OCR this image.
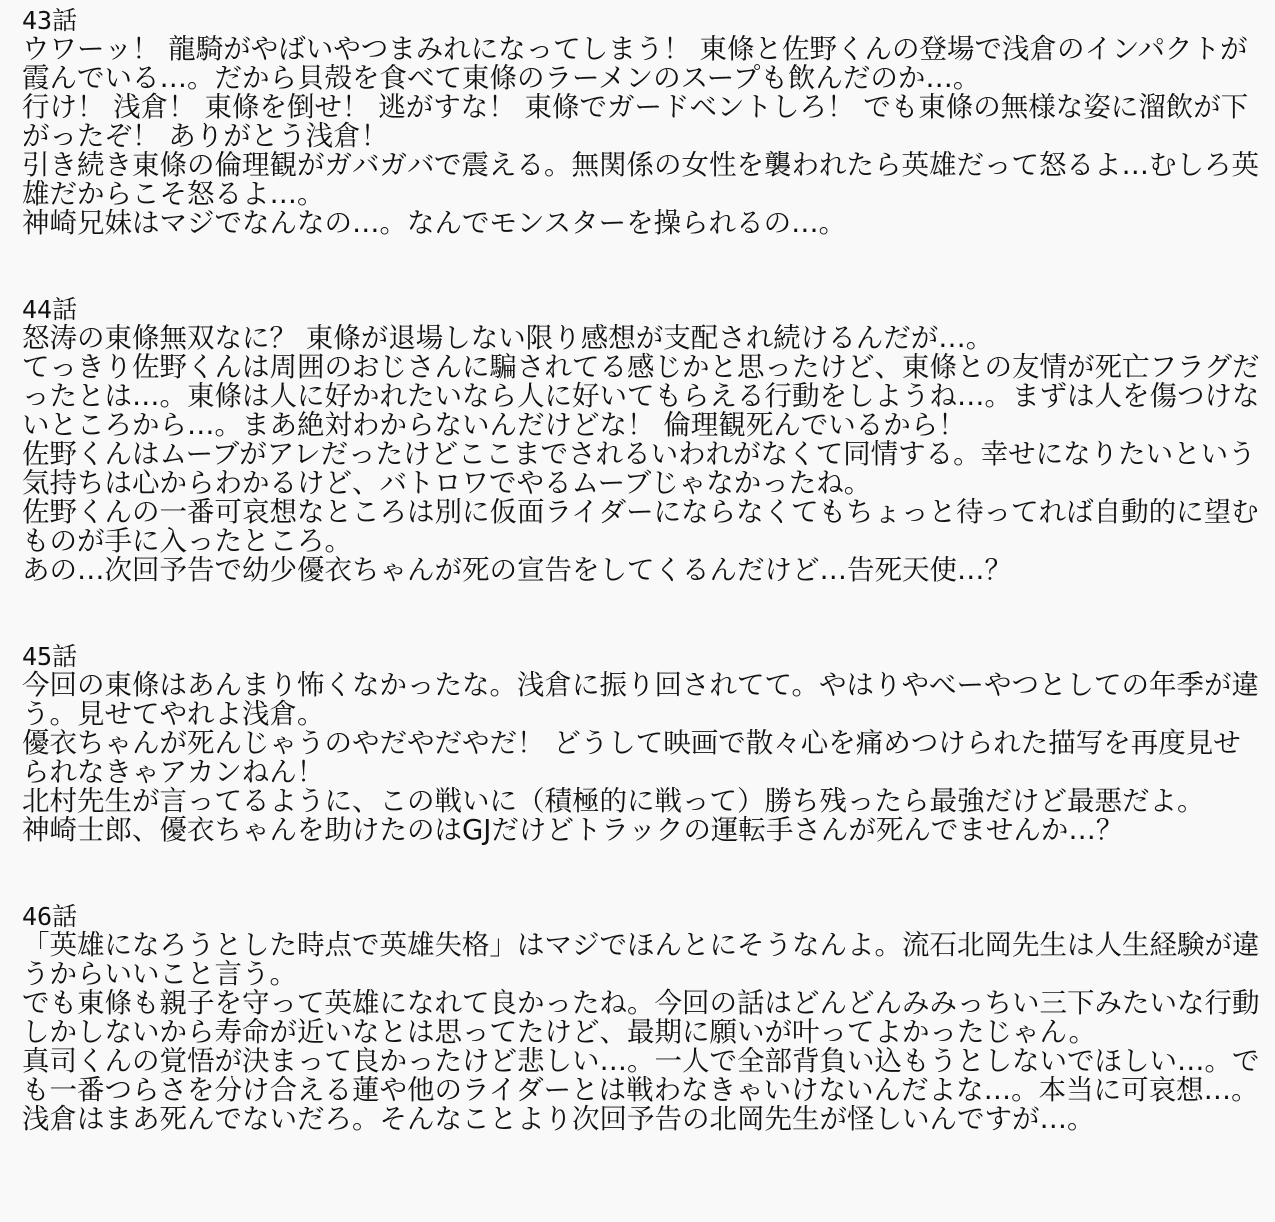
43話

ウワーッ！ 龍騎がやばいやつまみれになってしまう！ 東條と佐野くんの登場で浅倉のインパクトが霞んでいる…。だから貝殻を食べて東條のラーメンのスープも飲んだのか…。

行け！ 浅倉！ 東條を倒せ！ 逃がすな！ 東條でガードベントしろ！ でも東條の無様な姿に溜飲が下がったぞ！ ありがとう浅倉！

引き続き東條の倫理観がガバガバで震える。無関係の女性を襲われたら英雄だって怒るよ…むしろ英雄だからこそ怒るよ…。

神崎兄妹はマジでなんなの…。なんでモンスターを操られるの…。

44話

怒涛の東條無双なに？ 東條が退場しない限り感想が支配され続けるんだが…。

てっきり佐野くんは周囲のおじさんに騙されてる感じかと思ったけど、東條との友情が死亡フラグだったとは…。東條は人に好かれたいなら人に好いてもらえる行動をしようね…。まずは人を傷つけないところから…。まあ絶対わからないんだけどな！ 倫理観死んでいるから！

佐野くんはムーブがアレだったけどここまでされるいわれがなくて同情する。幸せになりたいという気持ちは心からわかるけど、バトロワでやるムーブじゃなかったね。

佐野くんの一番可哀想なところは別に仮面ライダーにならなくてもちょっと待ってれば自動的に望むものが手に入ったところ。

あの…次回予告で幼少優衣ちゃんが死の宣告をしてくるんだけど…告死天使…？

45話

今回の東條はあんまり怖くなかったな。浅倉に振り回されてて。やはりやべーやつとしての年季が違う。見せてやれよ浅倉。

優衣ちゃんが死んじゃうのやだやだやだ！ どうして映画で散々心を痛めつけられた描写を再度見せられなきゃアカンねん！

北村先生が言ってるように、この戦いに（積極的に戦って）勝ち残ったら最強だけど最悪だよ。

神崎士郎、優衣ちゃんを助けたのはGJだけどトラックの運転手さんが死んでませんか…？

46話

「英雄になろうとした時点で英雄失格」はマジでほんとにそうなんよ。流石北岡先生は人生経験が違うからいいこと言う。

でも東條も親子を守って英雄になれて良かったね。今回の話はどんどんみみっちい三下みたいな行動しかしないから寿命が近いなとは思ってたけど、最期に願いが叶ってよかったじゃん。

真司くんの覚悟が決まって良かったけど悲しい…。一人で全部背負い込もうとしないでほしい…。でも一番つらさを分け合える蓮や他のライダーとは戦わなきゃいけないんだよな…。本当に可哀想…。

浅倉はまあ死んでないだろ。そんなことより次回予告の北岡先生が怪しいんですが…。
